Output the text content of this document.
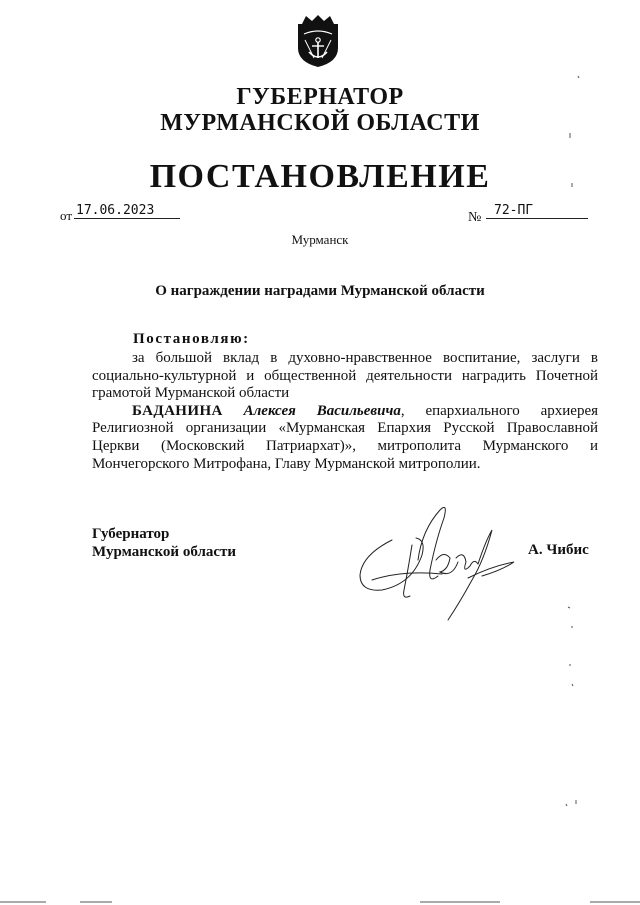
ГУБЕРНАТОР
МУРМАНСКОЙ ОБЛАСТИ
ПОСТАНОВЛЕНИЕ
от 17.06.2023	№ 72-ПГ
Мурманск
О награждении наградами Мурманской области
Постановляю:

за большой вклад в духовно-нравственное воспитание, заслуги в социально-культурной и общественной деятельности наградить Почетной грамотой Мурманской области

БАДАНИНА Алексея Васильевича, епархиального архиерея Религиозной организации «Мурманская Епархия Русской Православной Церкви (Московский Патриархат)», митрополита Мурманского и Мончегорского Митрофана, Главу Мурманской митрополии.

Губернатор
Мурманской области	А. Чибис
